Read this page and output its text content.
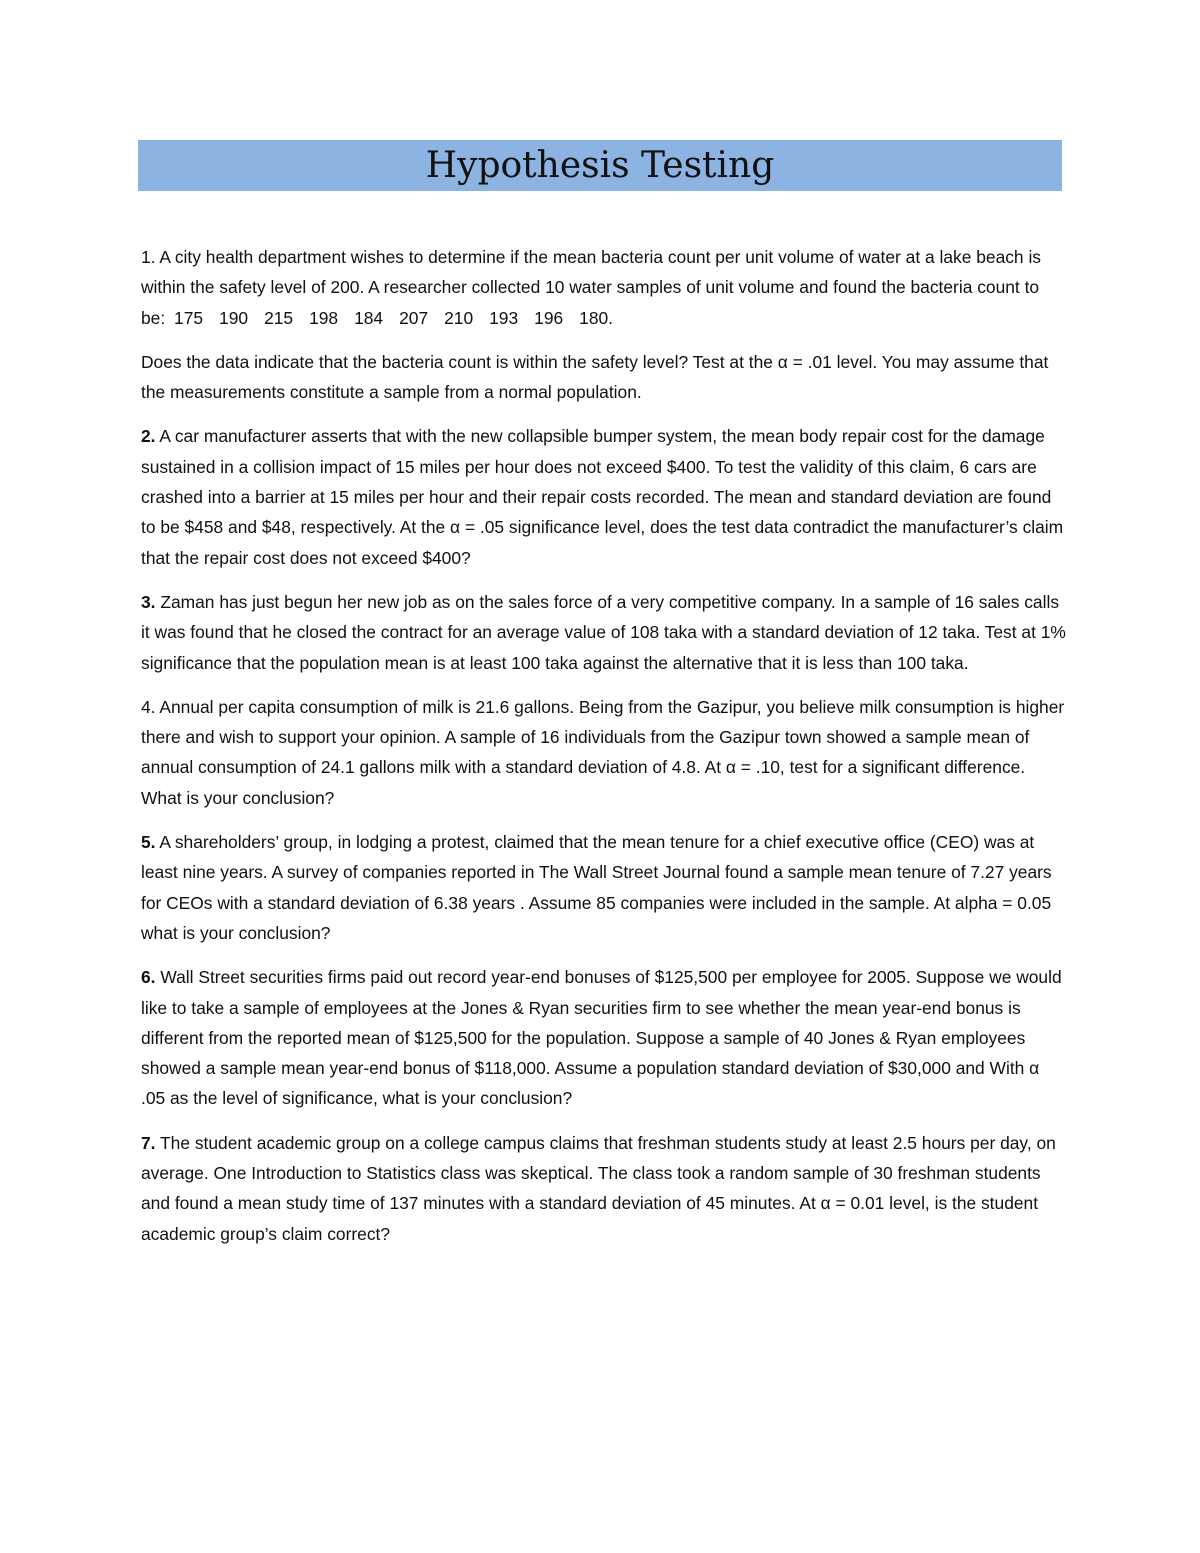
Hypothesis Testing

1. A city health department wishes to determine if the mean bacteria count per unit volume of water at a lake beach is within the safety level of 200. A researcher collected 10 water samples of unit volume and found the bacteria count to be: 175 190 215 198 184 207 210 193 196 180.

Does the data indicate that the bacteria count is within the safety level? Test at the α = .01 level. You may assume that the measurements constitute a sample from a normal population.

2. A car manufacturer asserts that with the new collapsible bumper system, the mean body repair cost for the damage sustained in a collision impact of 15 miles per hour does not exceed $400. To test the validity of this claim, 6 cars are crashed into a barrier at 15 miles per hour and their repair costs recorded. The mean and standard deviation are found to be $458 and $48, respectively. At the α = .05 significance level, does the test data contradict the manufacturer’s claim that the repair cost does not exceed $400?

3. Zaman has just begun her new job as on the sales force of a very competitive company. In a sample of 16 sales calls it was found that he closed the contract for an average value of 108 taka with a standard deviation of 12 taka. Test at 1% significance that the population mean is at least 100 taka against the alternative that it is less than 100 taka.

4. Annual per capita consumption of milk is 21.6 gallons. Being from the Gazipur, you believe milk consumption is higher there and wish to support your opinion. A sample of 16 individuals from the Gazipur town showed a sample mean of annual consumption of 24.1 gallons milk with a standard deviation of 4.8. At α = .10, test for a significant difference. What is your conclusion?

5. A shareholders’ group, in lodging a protest, claimed that the mean tenure for a chief executive office (CEO) was at least nine years. A survey of companies reported in The Wall Street Journal found a sample mean tenure of 7.27 years for CEOs with a standard deviation of 6.38 years . Assume 85 companies were included in the sample. At alpha = 0.05 what is your conclusion?

6. Wall Street securities firms paid out record year-end bonuses of $125,500 per employee for 2005. Suppose we would like to take a sample of employees at the Jones & Ryan securities firm to see whether the mean year-end bonus is different from the reported mean of $125,500 for the population. Suppose a sample of 40 Jones & Ryan employees showed a sample mean year-end bonus of $118,000. Assume a population standard deviation of $30,000 and With α .05 as the level of significance, what is your conclusion?

7. The student academic group on a college campus claims that freshman students study at least 2.5 hours per day, on average. One Introduction to Statistics class was skeptical. The class took a random sample of 30 freshman students and found a mean study time of 137 minutes with a standard deviation of 45 minutes. At α = 0.01 level, is the student academic group’s claim correct?
